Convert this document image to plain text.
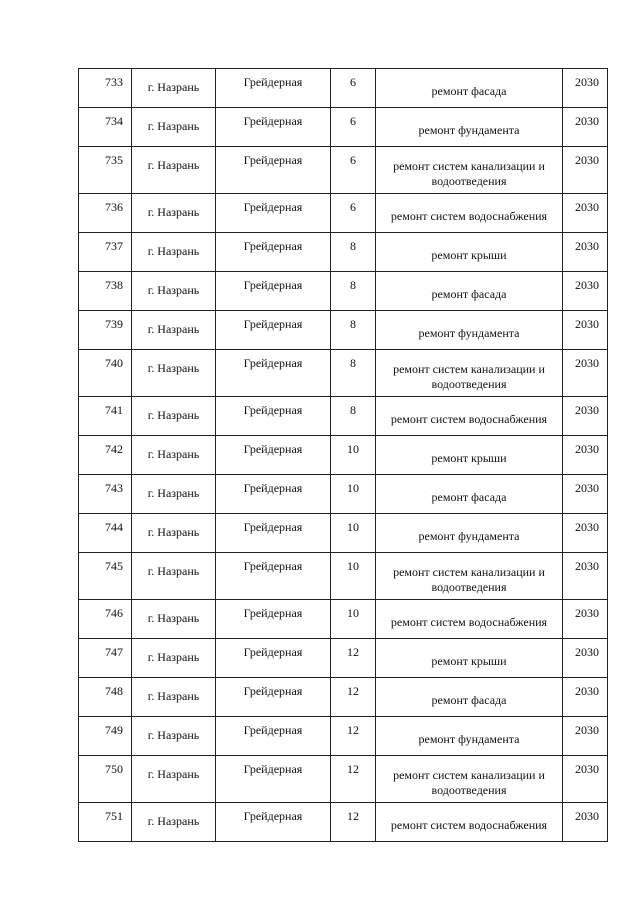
733	г. Назрань	Грейдерная	6	ремонт фасада	2030
734	г. Назрань	Грейдерная	6	ремонт фундамента	2030
735	г. Назрань	Грейдерная	6	ремонт систем канализации и водоотведения	2030
736	г. Назрань	Грейдерная	6	ремонт систем водоснабжения	2030
737	г. Назрань	Грейдерная	8	ремонт крыши	2030
738	г. Назрань	Грейдерная	8	ремонт фасада	2030
739	г. Назрань	Грейдерная	8	ремонт фундамента	2030
740	г. Назрань	Грейдерная	8	ремонт систем канализации и водоотведения	2030
741	г. Назрань	Грейдерная	8	ремонт систем водоснабжения	2030
742	г. Назрань	Грейдерная	10	ремонт крыши	2030
743	г. Назрань	Грейдерная	10	ремонт фасада	2030
744	г. Назрань	Грейдерная	10	ремонт фундамента	2030
745	г. Назрань	Грейдерная	10	ремонт систем канализации и водоотведения	2030
746	г. Назрань	Грейдерная	10	ремонт систем водоснабжения	2030
747	г. Назрань	Грейдерная	12	ремонт крыши	2030
748	г. Назрань	Грейдерная	12	ремонт фасада	2030
749	г. Назрань	Грейдерная	12	ремонт фундамента	2030
750	г. Назрань	Грейдерная	12	ремонт систем канализации и водоотведения	2030
751	г. Назрань	Грейдерная	12	ремонт систем водоснабжения	2030
